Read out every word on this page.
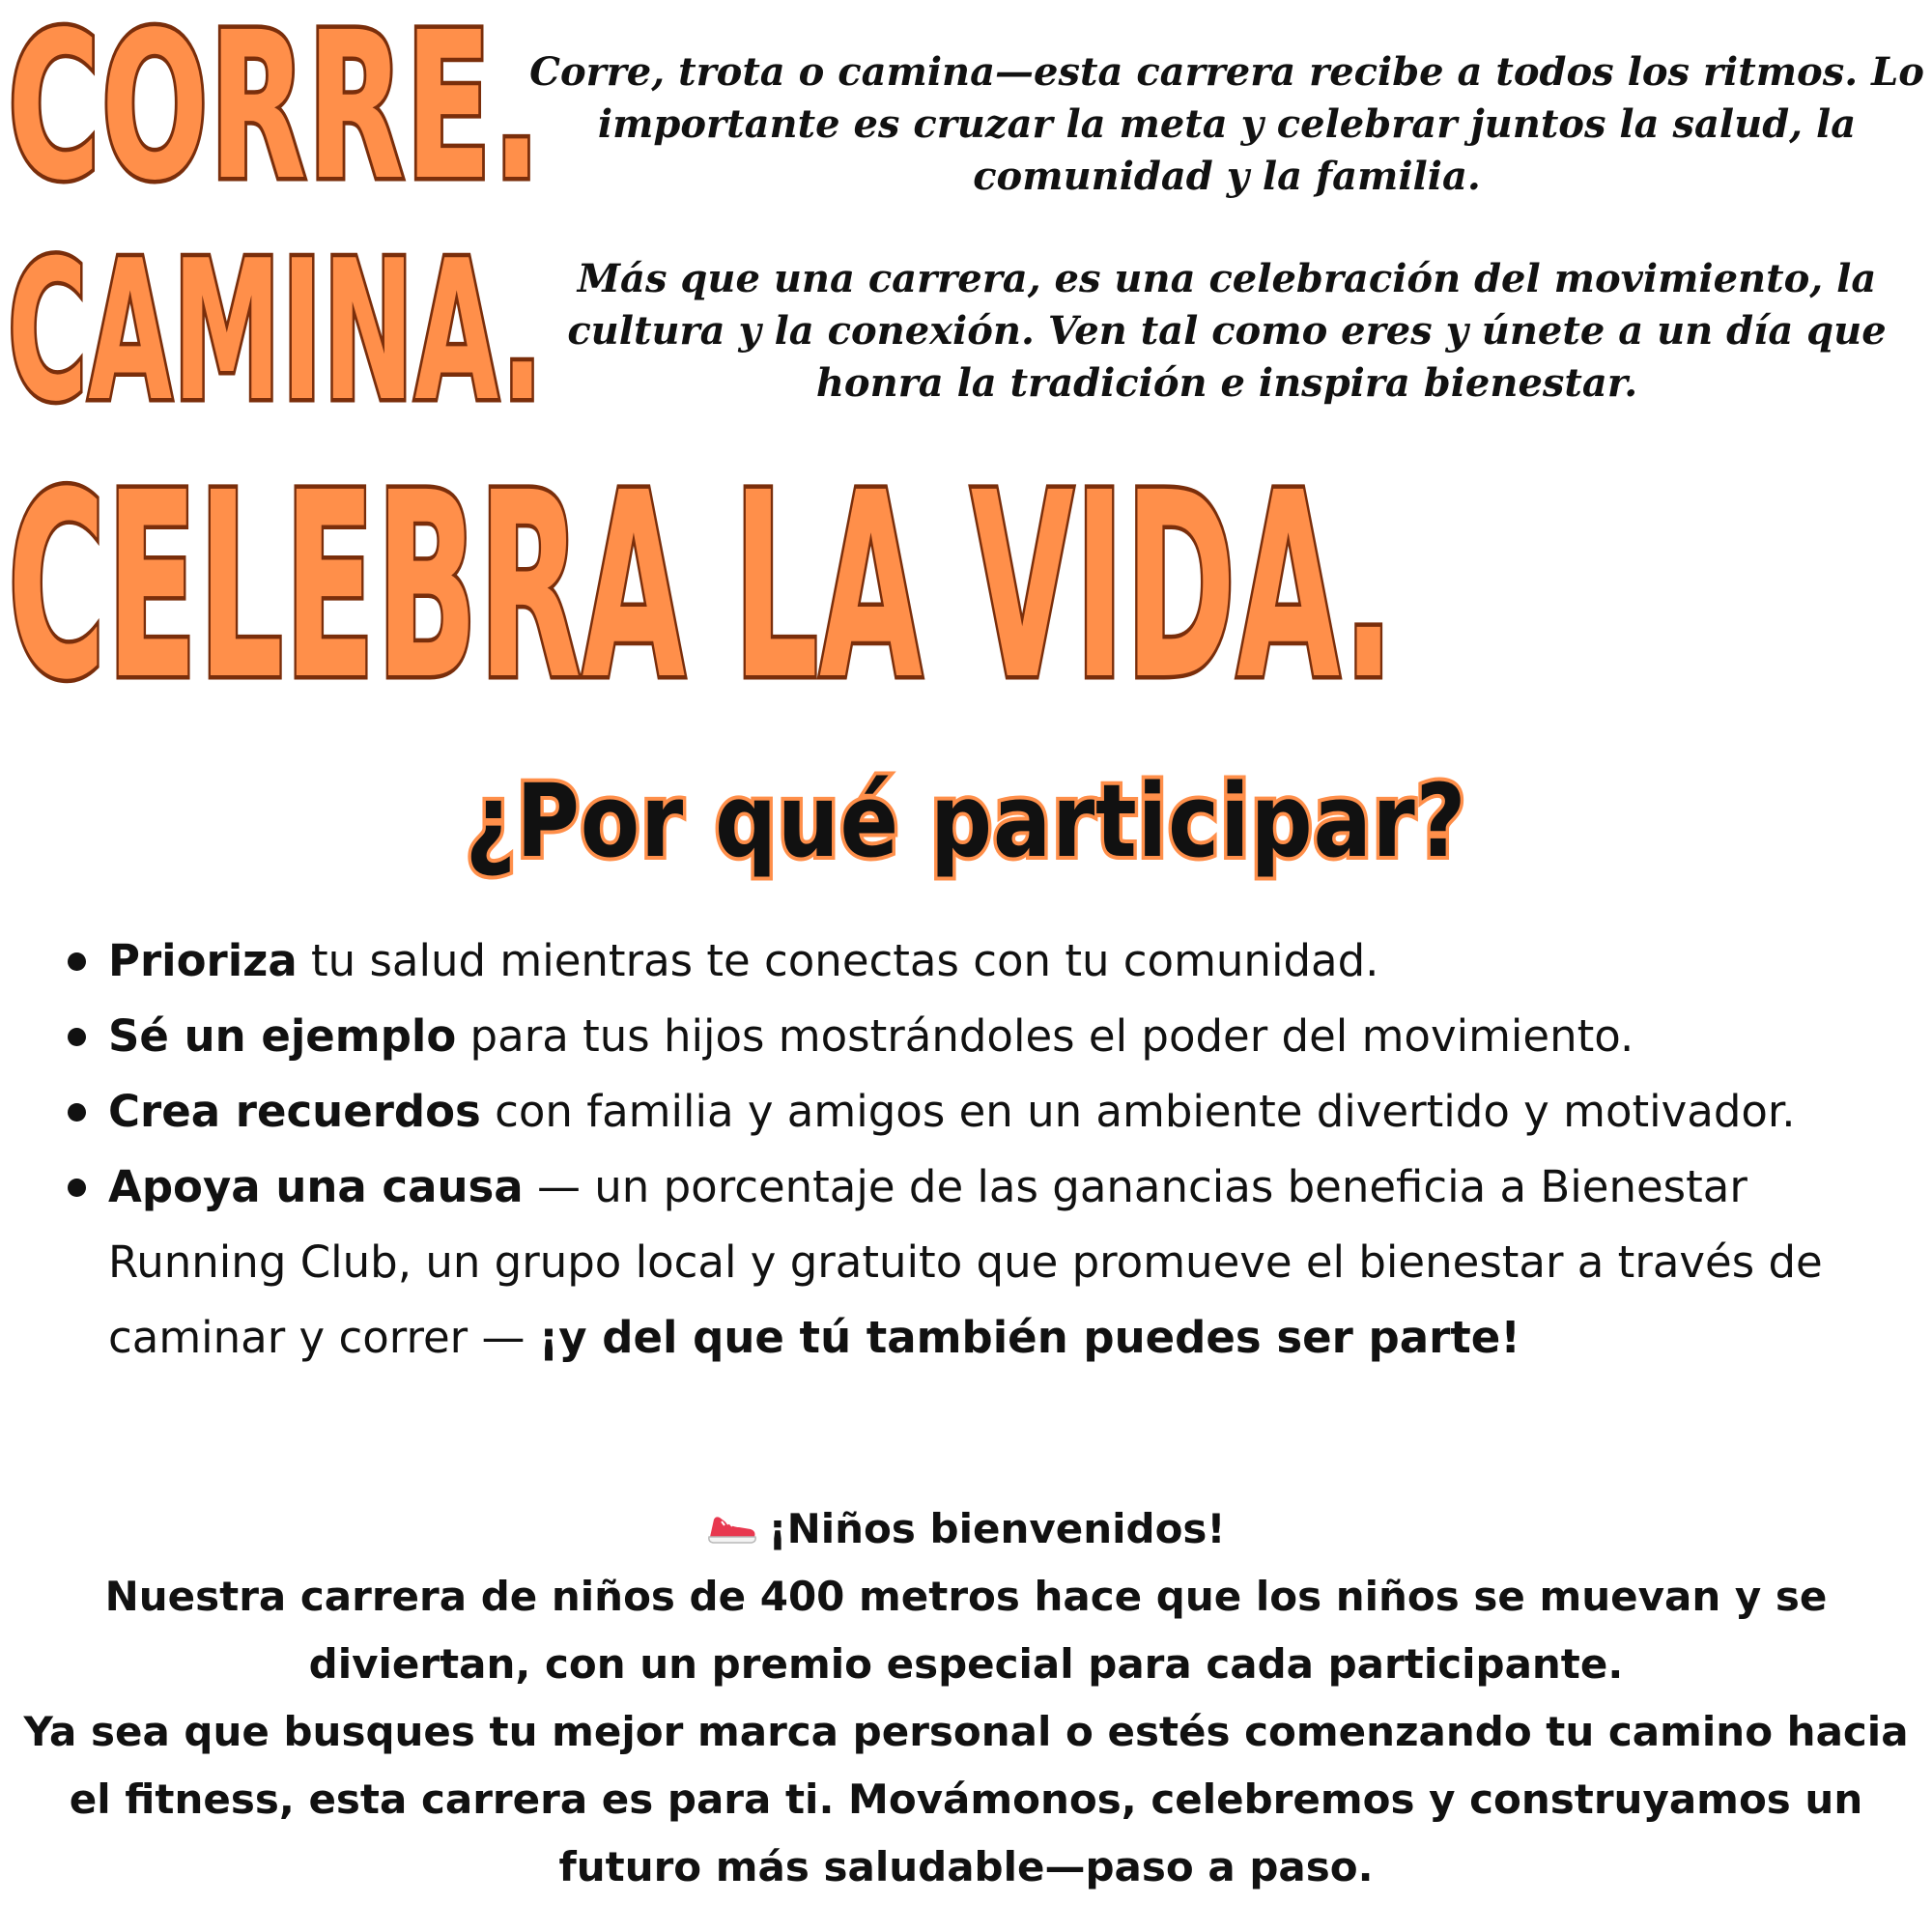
CORRE.
CAMINA.
CELEBRA LA VIDA.

Corre, trota o camina—esta carrera recibe a todos los ritmos. Lo importante es cruzar la meta y celebrar juntos la salud, la comunidad y la familia.

Más que una carrera, es una celebración del movimiento, la cultura y la conexión. Ven tal como eres y únete a un día que honra la tradición e inspira bienestar.

¿Por qué participar?
Prioriza tu salud mientras te conectas con tu comunidad.
Sé un ejemplo para tus hijos mostrándoles el poder del movimiento.
Crea recuerdos con familia y amigos en un ambiente divertido y motivador.
Apoya una causa — un porcentaje de las ganancias beneficia a Bienestar Running Club, un grupo local y gratuito que promueve el bienestar a través de caminar y correr — ¡y del que tú también puedes ser parte!

¡Niños bienvenidos!

Nuestra carrera de niños de 400 metros hace que los niños se muevan y se diviertan, con un premio especial para cada participante.

Ya sea que busques tu mejor marca personal o estés comenzando tu camino hacia el fitness, esta carrera es para ti. Movámonos, celebremos y construyamos un futuro más saludable—paso a paso.
